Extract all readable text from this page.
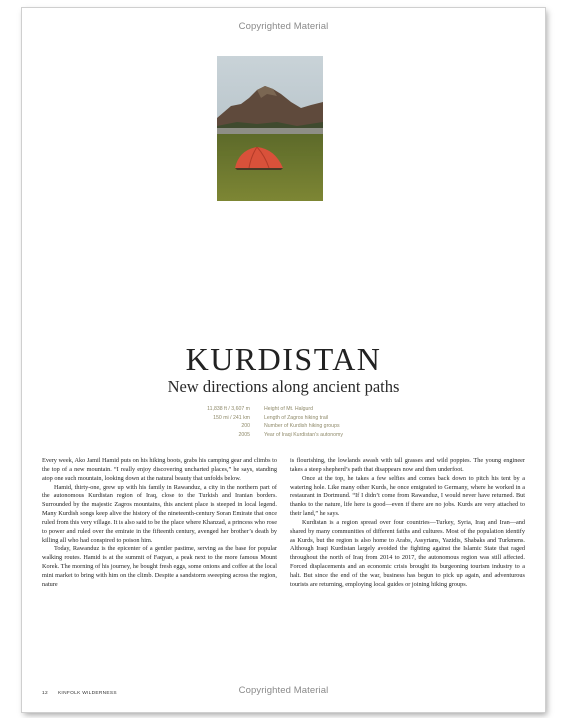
Copyrighted Material
KURDISTAN
New directions along ancient paths
11,838 ft / 3,607 m	Height of Mt. Halgurd
150 mi / 241 km	Length of Zagros hiking trail
200	Number of Kurdish hiking groups
2005	Year of Iraqi Kurdistan's autonomy

Every week, Ako Jamil Hamid puts on his hiking boots, grabs his camping gear and climbs to the top of a new mountain. “I really enjoy discovering uncharted places,” he says, standing atop one such mountain, looking down at the natural beauty that unfolds below.

Hamid, thirty-one, grew up with his family in Rawanduz, a city in the northern part of the autonomous Kurdistan region of Iraq, close to the Turkish and Iranian borders. Surrounded by the majestic Zagros mountains, this ancient place is steeped in local legend. Many Kurdish songs keep alive the history of the nineteenth-century Soran Emirate that once ruled from this very village. It is also said to be the place where Khanzad, a princess who rose to power and ruled over the emirate in the fifteenth century, avenged her brother’s death by killing all who had conspired to poison him.

Today, Rawanduz is the epicenter of a gentler pastime, serving as the base for popular walking routes. Hamid is at the summit of Faqyan, a peak next to the more famous Mount Korek. The morning of his journey, he bought fresh eggs, some onions and coffee at the local mini market to bring with him on the climb. Despite a sandstorm sweeping across the region, nature

is flourishing, the lowlands awash with tall grasses and wild poppies. The young engineer takes a steep shepherd’s path that disappears now and then underfoot.

Once at the top, he takes a few selfies and comes back down to pitch his tent by a watering hole. Like many other Kurds, he once emigrated to Germany, where he worked in a restaurant in Dortmund. “If I didn’t come from Rawanduz, I would never have returned. But thanks to the nature, life here is good—even if there are no jobs. Kurds are very attached to their land,” he says.

Kurdistan is a region spread over four countries—Turkey, Syria, Iraq and Iran—and shared by many communities of different faiths and cultures. Most of the population identify as Kurds, but the region is also home to Arabs, Assyrians, Yazidis, Shabaks and Turkmens. Although Iraqi Kurdistan largely avoided the fighting against the Islamic State that raged throughout the north of Iraq from 2014 to 2017, the autonomous region was still affected. Forced displacements and an economic crisis brought its burgeoning tourism industry to a halt. But since the end of the war, business has begun to pick up again, and adventurous tourists are returning, employing local guides or joining hiking groups.

12 KINFOLK WILDERNESS	Copyrighted Material
